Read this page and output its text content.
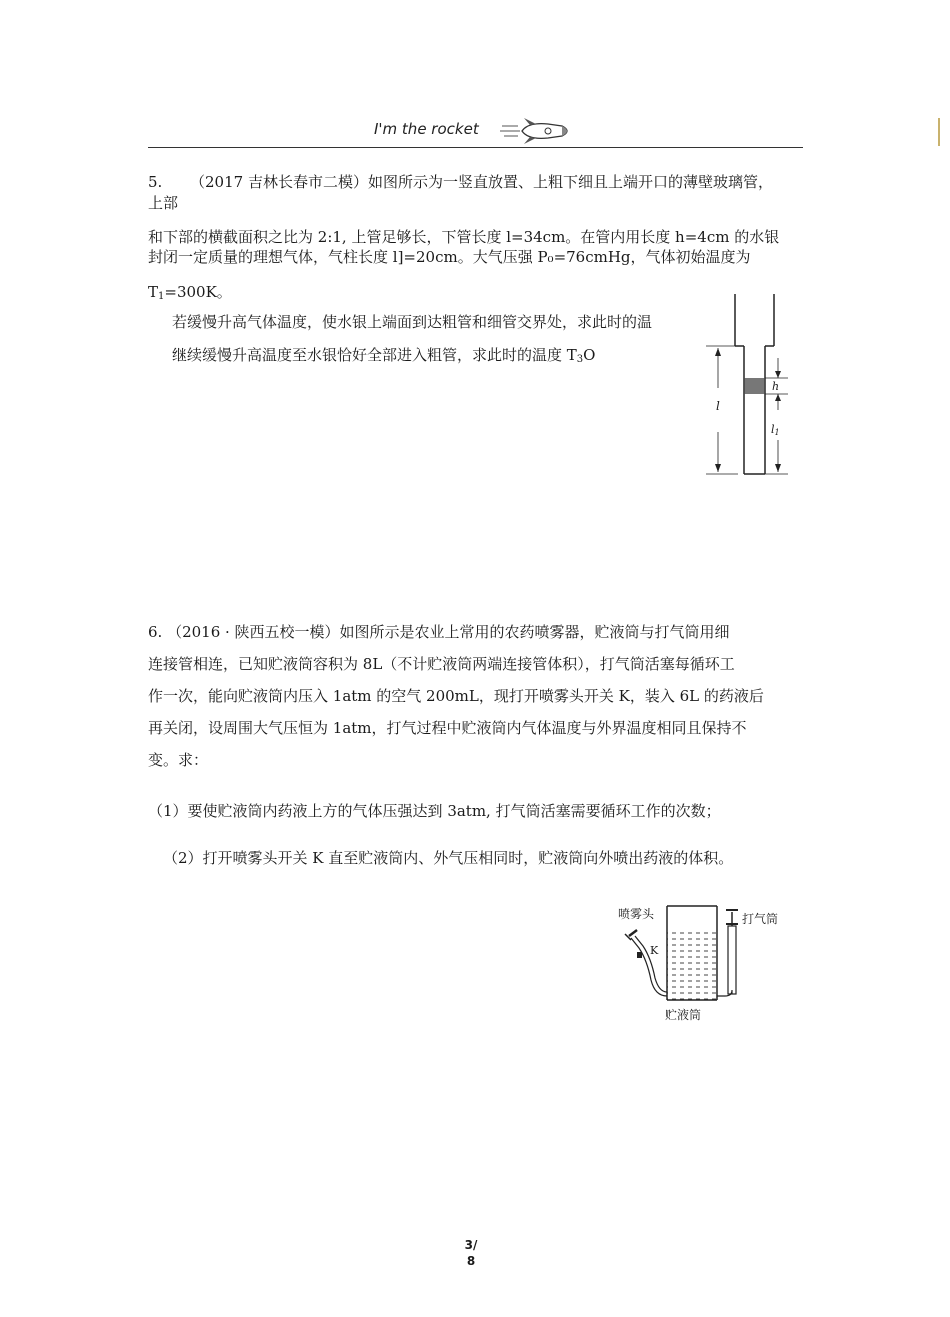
I'm the rocket
5. （2017 吉林长春市二模）如图所示为一竖直放置、上粗下细且上端开口的薄壁玻璃管，
上部
和下部的横截面积之比为 2:1, 上管足够长，下管长度 l=34cm。在管内用长度 h=4cm 的水银
封闭一定质量的理想气体，气柱长度 l]=20cm。大气压强 P₀=76cmHg，气体初始温度为
$T_1=300K$。
若缓慢升高气体温度，使水银上端面到达粗管和细管交界处，求此时的温
继续缓慢升高温度至水银恰好全部进入粗管，求此时的温度 $T_3O$
l
h
l1
6. （2016 · 陕西五校一模）如图所示是农业上常用的农药喷雾器，贮液筒与打气筒用细
连接管相连，已知贮液筒容积为 8L（不计贮液筒两端连接管体积），打气筒活塞每循环工
作一次，能向贮液筒内压入 1atm 的空气 200mL，现打开喷雾头开关 K，装入 6L 的药液后
再关闭，设周围大气压恒为 1atm，打气过程中贮液筒内气体温度与外界温度相同且保持不
变。求：
（1）要使贮液筒内药液上方的气体压强达到 3atm, 打气筒活塞需要循环工作的次数；
（2）打开喷雾头开关 K 直至贮液筒内、外气压相同时，贮液筒向外喷出药液的体积。
喷雾头
K
打气筒
贮液筒
3/
8
